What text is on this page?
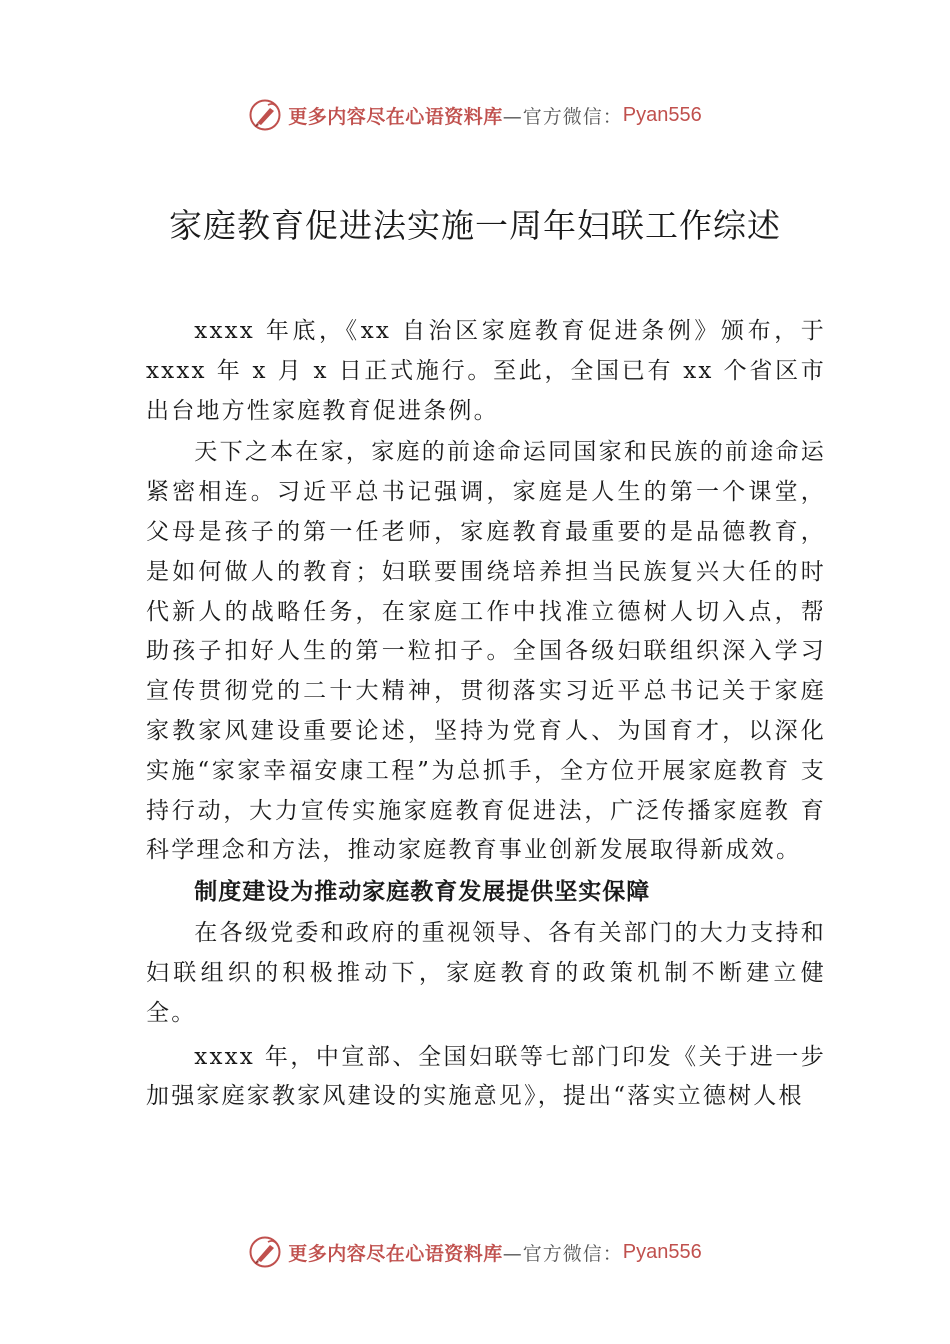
更多内容尽在心语资料库 —官方微信： Pyan556
家庭教育促进法实施一周年妇联工作综述

xxxx 年底，《xx 自治区家庭教育促进条例》颁布，于 xxxx 年 x 月 x 日正式施行。至此，全国已有 xx 个省区市出台地方性家庭教育促进条例。

天下之本在家，家庭的前途命运同国家和民族的前途命运紧密相连。习近平总书记强调，家庭是人生的第一个课堂，父母是孩子的第一任老师，家庭教育最重要的是品德教育，是如何做人的教育；妇联要围绕培养担当民族复兴大任的时代新人的战略任务，在家庭工作中找准立德树人切入点，帮助孩子扣好人生的第一粒扣子。全国各级妇联组织深入学习宣传贯彻党的二十大精神，贯彻落实习近平总书记关于家庭家教家风建设重要论述，坚持为党育人、为国育才，以深化实施“家家幸福安康工程”为总抓手，全方位开展家庭教育 支持行动，大力宣传实施家庭教育促进法，广泛传播家庭教 育科学理念和方法，推动家庭教育事业创新发展取得新成效。

制度建设为推动家庭教育发展提供坚实保障

在各级党委和政府的重视领导、各有关部门的大力支持和妇联组织的积极推动下，家庭教育的政策机制不断建立健全。

xxxx 年，中宣部、全国妇联等七部门印发《关于进一步加强家庭家教家风建设的实施意见》，提出“落实立德树人根

更多内容尽在心语资料库 —官方微信： Pyan556
